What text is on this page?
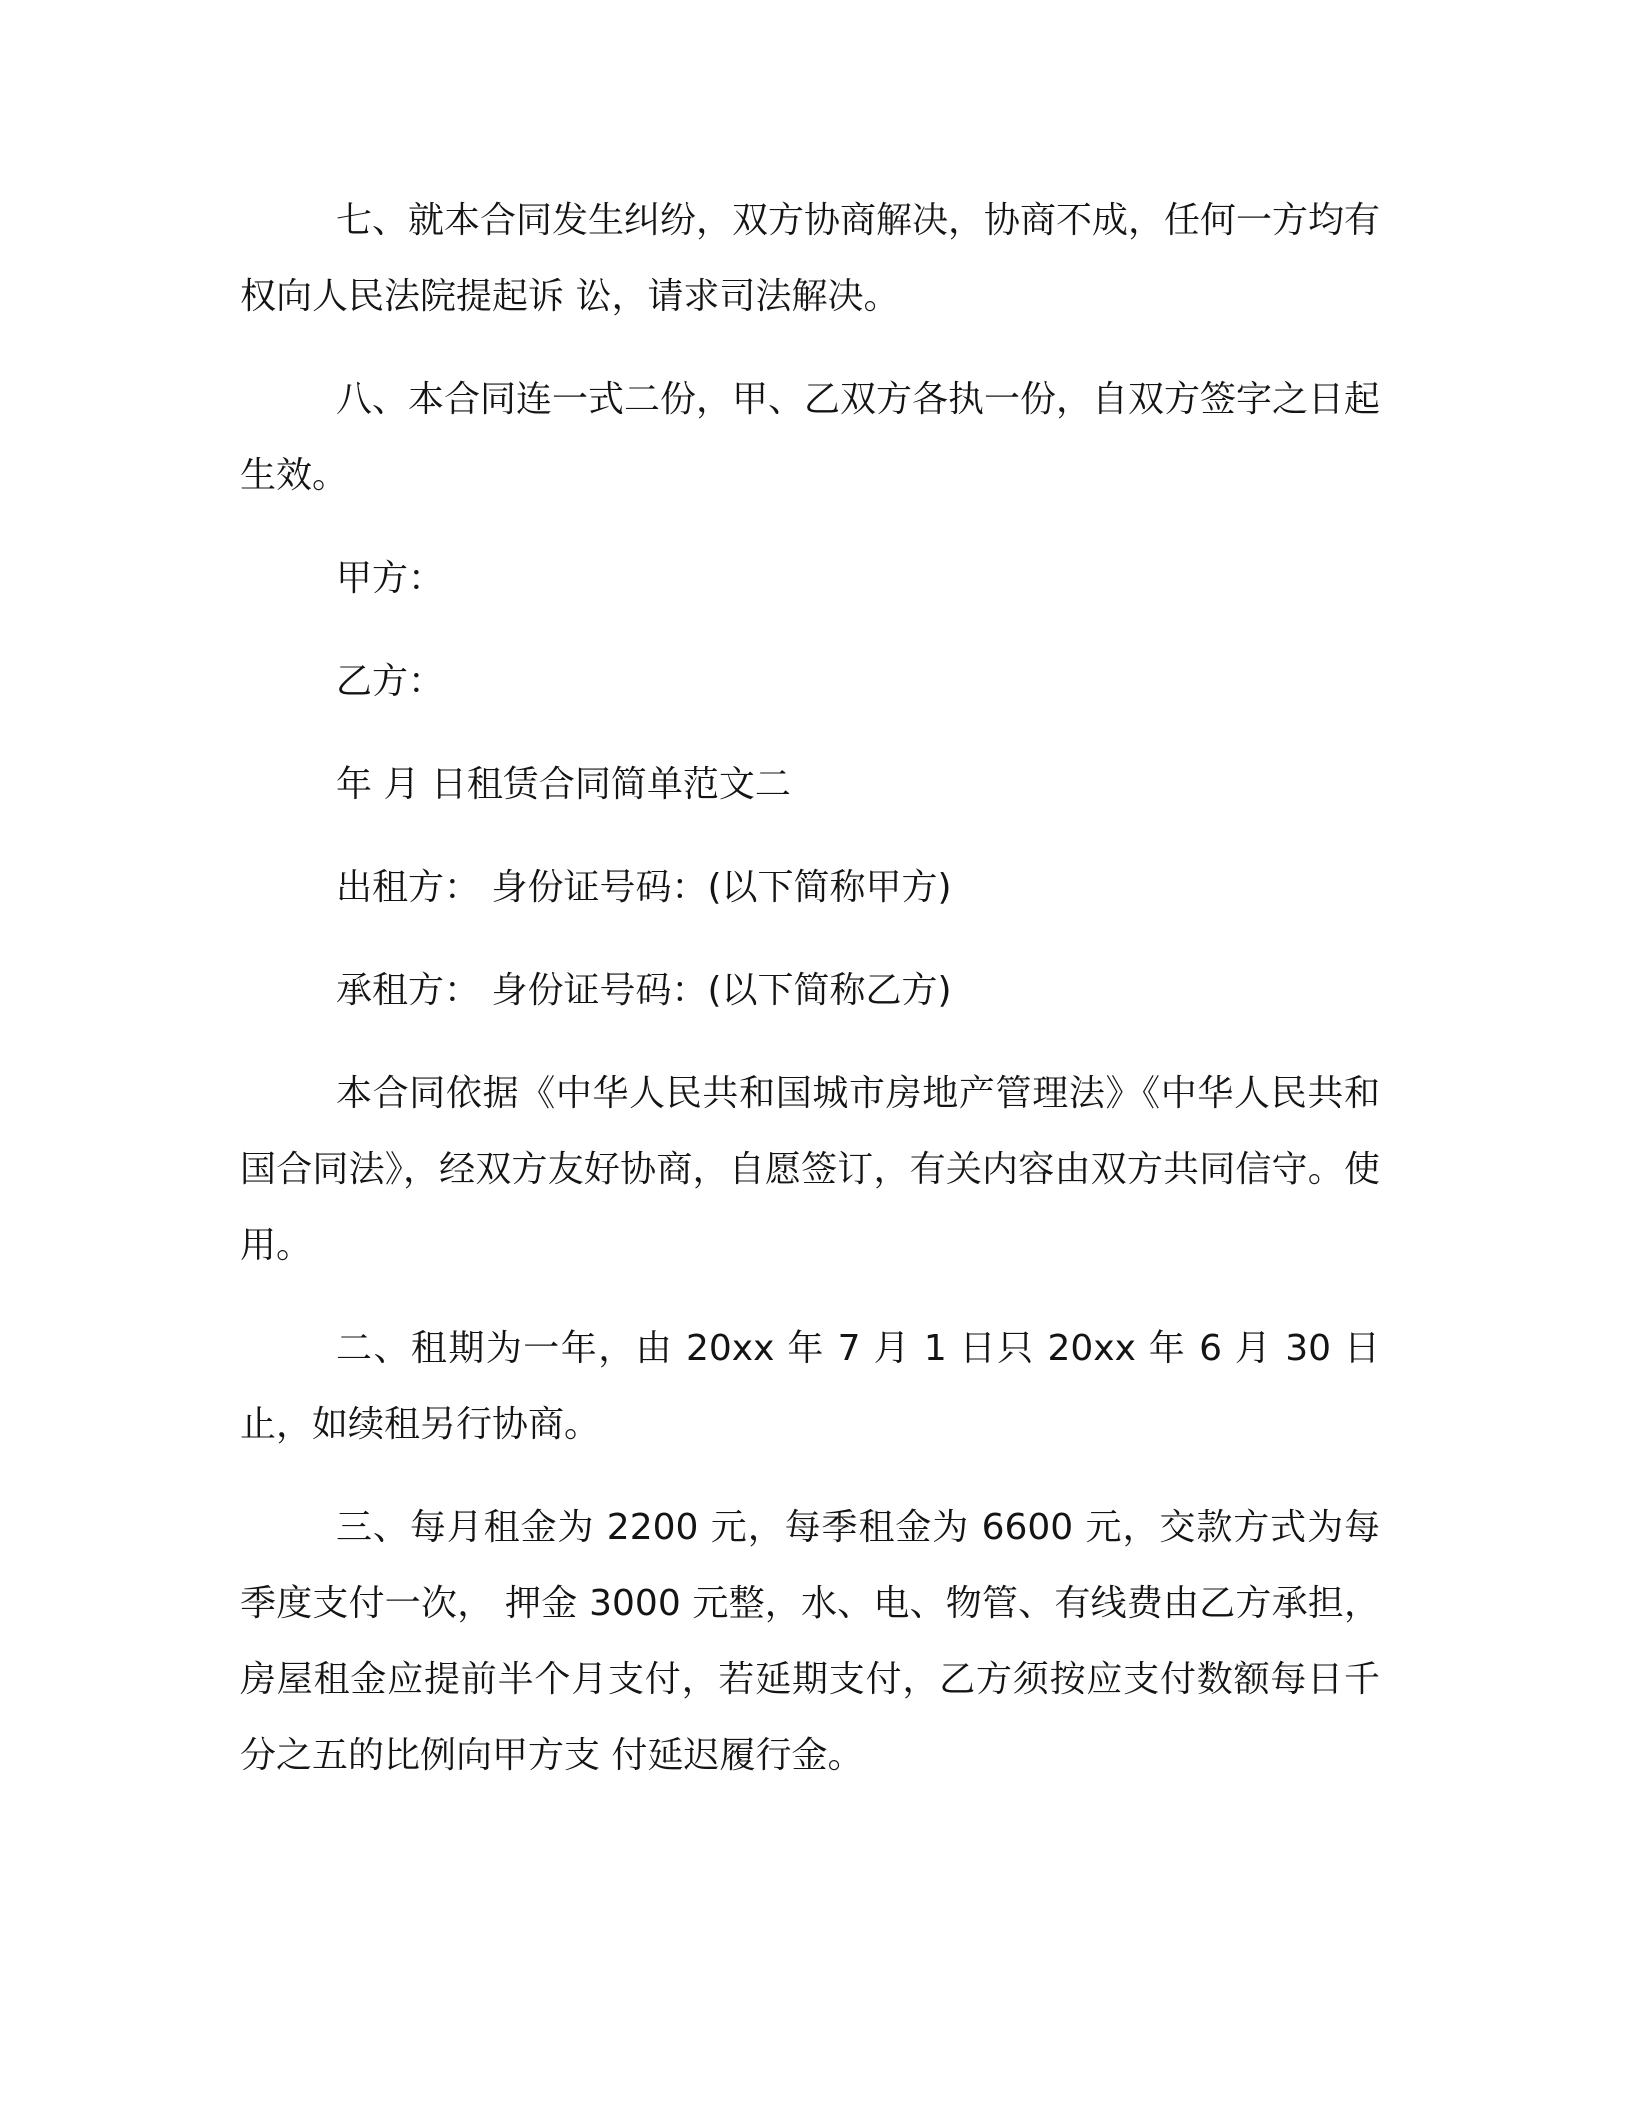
七、就本合同发生纠纷，双方协商解决，协商不成，任何一方均有权向人民法院提起诉 讼，请求司法解决。

八、本合同连一式二份，甲、乙双方各执一份，自双方签字之日起生效。

甲方：

乙方：

年 月 日租赁合同简单范文二

出租方： 身份证号码：(以下简称甲方)

承租方： 身份证号码：(以下简称乙方)

本合同依据《中华人民共和国城市房地产管理法》《中华人民共和国合同法》，经双方友好协商，自愿签订，有关内容由双方共同信守。使用。

二、租期为一年，由 20xx 年 7 月 1 日只 20xx 年 6 月 30 日止，如续租另行协商。

三、每月租金为 2200 元，每季租金为 6600 元，交款方式为每季度支付一次， 押金 3000 元整，水、电、物管、有线费由乙方承担，房屋租金应提前半个月支付，若延期支付，乙方须按应支付数额每日千分之五的比例向甲方支 付延迟履行金。
